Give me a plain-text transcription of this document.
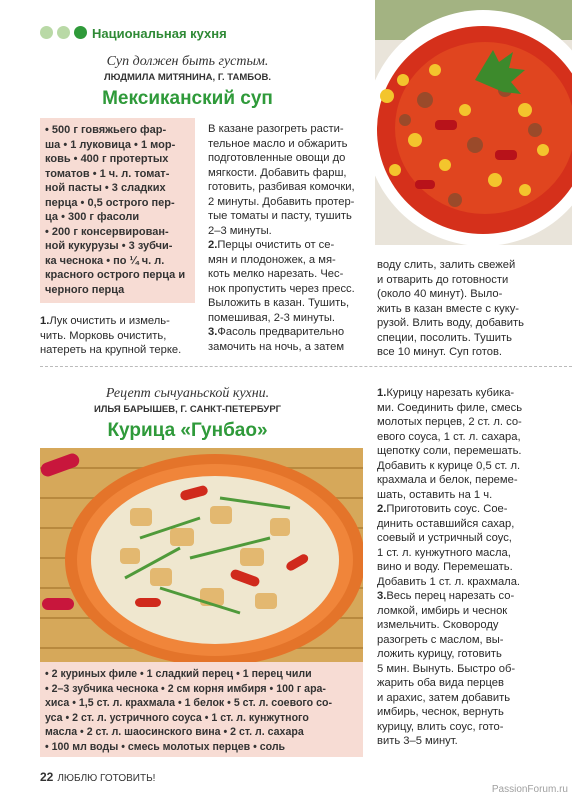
Национальная кухня
Суп должен быть густым.
ЛЮДМИЛА МИТЯНИНА, Г. ТАМБОВ.
Мексиканский суп
• 500 г говяжьего фар-
ша • 1 луковица • 1 мор-
ковь • 400 г протертых
томатов • 1 ч. л. томат-
ной пасты • 3 сладких
перца • 0,5 острого пер-
ца • 300 г фасоли
• 200 г консервирован-
ной кукурузы • 3 зубчи-
ка чеснока • по ¼ ч. л.
красного острого перца и
черного перца
1.Лук очистить и измель-
чить. Морковь очистить,
натереть на крупной терке.
В казане разогреть расти-
тельное масло и обжарить
подготовленные овощи до
мягкости. Добавить фарш,
готовить, разбивая комочки,
2 минуты. Добавить протер-
тые томаты и пасту, тушить
2–3 минуты.
2.Перцы очистить от се-
мян и плодоножек, а мя-
коть мелко нарезать. Чес-
нок пропустить через пресс.
Выложить в казан. Тушить,
помешивая, 2-3 минуты.
3.Фасоль предварительно
замочить на ночь, а затем
воду слить, залить свежей
и отварить до готовности
(около 40 минут). Выло-
жить в казан вместе с куку-
рузой. Влить воду, добавить
специи, посолить. Тушить
все 10 минут. Суп готов.
Рецепт сычуаньской кухни.
ИЛЬЯ БАРЫШЕВ, Г. САНКТ-ПЕТЕРБУРГ
Курица «Гунбао»
• 2 куриных филе • 1 сладкий перец • 1 перец чили
• 2–3 зубчика чеснока • 2 см корня имбиря • 100 г ара-
хиса • 1,5 ст. л. крахмала • 1 белок • 5 ст. л. соевого со-
уса • 2 ст. л. устричного соуса • 1 ст. л. кунжутного
масла • 2 ст. л. шаосинского вина • 2 ст. л. сахара
• 100 мл воды • смесь молотых перцев • соль
1.Курицу нарезать кубика-
ми. Соединить филе, смесь
молотых перцев, 2 ст. л. со-
евого соуса, 1 ст. л. сахара,
щепотку соли, перемешать.
Добавить к курице 0,5 ст. л.
крахмала и белок, переме-
шать, оставить на 1 ч.
2.Приготовить соус. Сое-
динить оставшийся сахар,
соевый и устричный соус,
1 ст. л. кунжутного масла,
вино и воду. Перемешать.
Добавить 1 ст. л. крахмала.
3.Весь перец нарезать со-
ломкой, имбирь и чеснок
измельчить. Сковороду
разогреть с маслом, вы-
ложить курицу, готовить
5 мин. Вынуть. Быстро об-
жарить оба вида перцев
и арахис, затем добавить
имбирь, чеснок, вернуть
курицу, влить соус, гото-
вить 3–5 минут.
22 ЛЮБЛЮ ГОТОВИТЬ!
PassionForum.ru
